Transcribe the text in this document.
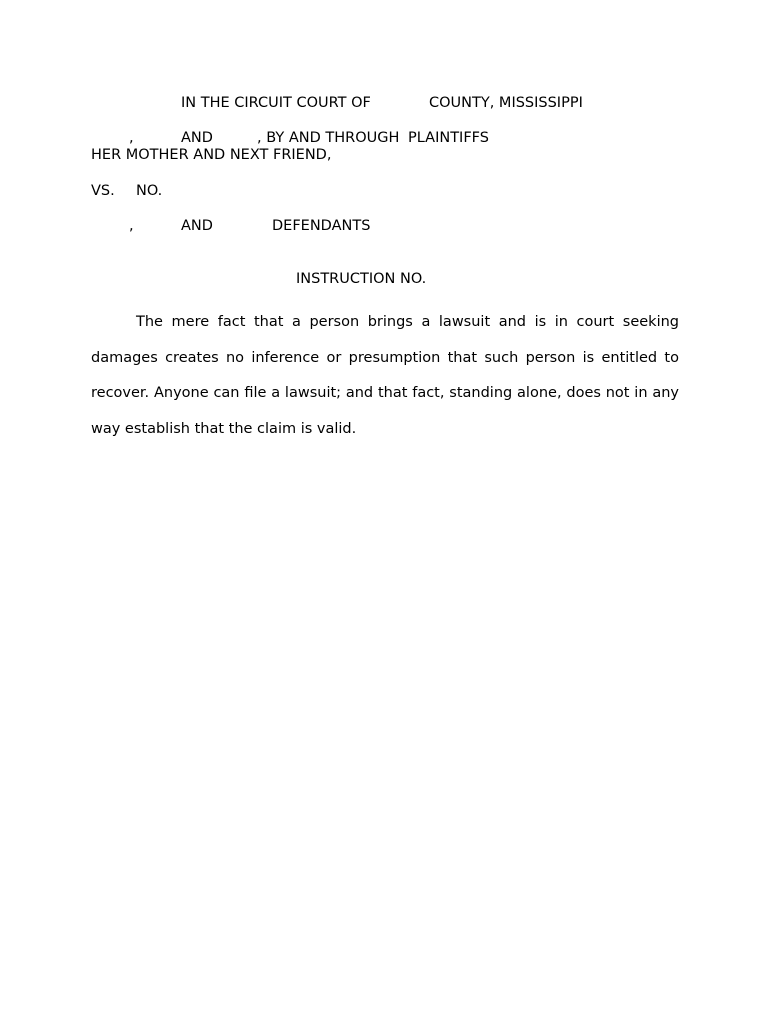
IN THE CIRCUIT COURT OF	COUNTY, MISSISSIPPI
,	AND	, BY AND THROUGH PLAINTIFFS
HER MOTHER AND NEXT FRIEND,
VS. NO.
,	AND	DEFENDANTS
INSTRUCTION NO.
The mere fact that a person brings a lawsuit and is in court seeking damages creates no inference or presumption that such person is entitled to recover. Anyone can file a lawsuit; and that fact, standing alone, does not in any way establish that the claim is valid.
